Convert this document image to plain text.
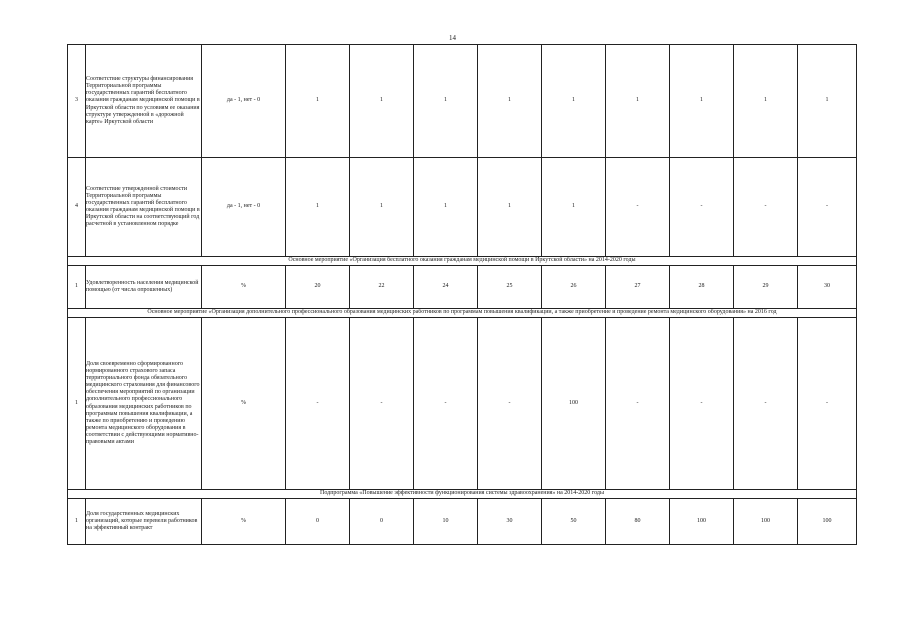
14
3	Соответствие структуры финансирования Территориальной программы государственных гарантий бесплатного оказания гражданам медицинской помощи в Иркутской области по условиям ее оказания структуре утвержденной в «дорожной карте» Иркутской области	да - 1, нет - 0	1	1	1	1	1	1	1	1	1
4	Соответствие утвержденной стоимости Территориальной программы государственных гарантий бесплатного оказания гражданам медицинской помощи в Иркутской области на соответствующий год расчетной в установленном порядке	да - 1, нет - 0	1	1	1	1	1	-	-	-	-
Основное мероприятие «Организация бесплатного оказания гражданам медицинской помощи в Иркутской области» на 2014-2020 годы											
1	Удовлетворенность населения медицинской помощью (от числа опрошенных)	%	20	22	24	25	26	27	28	29	30
Основное мероприятие «Организация дополнительного профессионального образования медицинских работников по программам повышения квалификации, а также приобретение и проведение ремонта медицинского оборудования» на 2016 год											
1	Доля своевременно сформированного нормированного страхового запаса территориального фонда обязательного медицинского страхования для финансового обеспечения мероприятий по организации дополнительного профессионального образования медицинских работников по программам повышения квалификации, а также по приобретению и проведению ремонта медицинского оборудования в соответствии с действующими нормативно-правовыми актами	%	-	-	-	-	100	-	-	-	-
Подпрограмма «Повышение эффективности функционирования системы здравоохранения» на 2014-2020 годы											
1	Доля государственных медицинских организаций, которые перевели работников на эффективный контракт	%	0	0	10	30	50	80	100	100	100
